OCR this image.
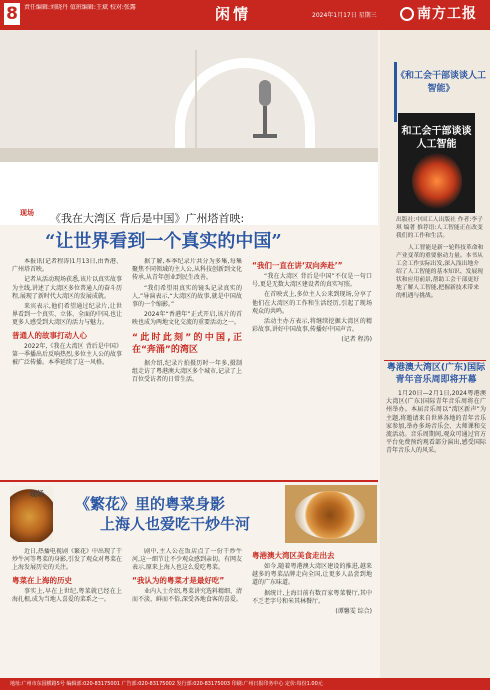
8	责任编辑:刘晓丹 值班编辑:王斌 校对:张露	闲情	2024年1月17日 星期三	南方工报
现场 《我在大湾区 背后是中国》广州塔首映:
“让世界看到一个真实的中国”

本报讯(记者程涛)1月13日,由香港、广州塔首映。

记者从活动现场获悉,该片以真实故事为主线,讲述了大湾区多位普通人的奋斗历程,展现了新时代大湾区的发展成就。

来宾表示,他们希望通过纪录片,让世界看到一个真实、立体、全面的中国,也让更多人感受到大湾区的活力与魅力。

普通人的故事打动人心

2022年,《我在大湾区 背后是中国》第一季播出后反响热烈,多位主人公的故事被广泛传播。本季延续了这一风格。

据了解,本季纪录片共分为多集,每集聚焦不同领域的主人公,从科技创新到文化传承,从青年创业到民生改善。

“我们希望用真实的镜头记录真实的人,”导演表示,“大湾区的故事,就是中国故事的一个缩影。”

2024年“香港年”正式开启,该片的首映也成为两地文化交流的重要活动之一。

“此时此刻”的中国,正在“奔涌”的湾区

据介绍,纪录片拍摄历时一年多,摄制组走访了粤港澳大湾区多个城市,记录了上百位受访者的日常生活。

“我们一直在讲‘双向奔赴’”

“我在大湾区 背后是中国”不仅是一句口号,更是无数大湾区建设者的真实写照。

在首映式上,多位主人公来到现场,分享了他们在大湾区的工作和生活经历,引起了现场观众的共鸣。

活动主办方表示,将继续挖掘大湾区的精彩故事,讲好中国故事,传播好中国声音。

(记者 程涛)

现场
《繁花》里的粤菜身影
上海人也爱吃干炒牛河

近日,热播电视剧《繁花》中出现了干炒牛河等粤菜的身影,引发了观众对粤菜在上海发展历史的关注。

粤菜在上海的历史

事实上,早在上世纪,粤菜就已经在上海扎根,成为当地人喜爱的菜系之一。

剧中,主人公在饭店点了一份干炒牛河,这一细节让不少观众感到亲切。有网友表示,原来上海人也这么爱吃粤菜。

“我认为的粤菜才是最好吃”

业内人士介绍,粤菜讲究选料精细、清而不淡、鲜而不俗,深受各地食客的喜爱。

粤港澳大湾区美食走出去

如今,随着粤港澳大湾区建设的推进,越来越多的粤菜品牌走向全国,让更多人品尝到地道的广东味道。

据统计,上海目前有数百家粤菜餐厅,其中不乏老字号和米其林餐厅。

(谭馨雯 综合)

《和工会干部谈谈人工智能》
和工会干部谈谈人工智能
出版社:中国工人出版社 作者:李子琪 编著 推荐语:人工智能正在改变我们的工作和生活。
人工智能是新一轮科技革命和产业变革的重要驱动力量。本书从工会工作实际出发,深入浅出地介绍了人工智能的基本知识、发展现状和应用前景,帮助工会干部更好地了解人工智能,把握新技术带来的机遇与挑战。
粤港澳大湾区(广东)国际青年音乐周即将开幕

1月20日—2月1日,2024粤港澳大湾区(广东)国际青年音乐周将在广州举办。本届音乐周以“湾区新声”为主题,将邀请来自世界各地的青年音乐家参加,举办多场音乐会、大师课和交流活动。音乐周期间,观众可通过官方平台免费预约观看部分演出,感受国际青年音乐人的风采。

地址:广州市东园横路5号 编辑部:020-83175001 广告部:020-83175002 发行部:020-83175003 印刷:广州日报印务中心 定价:每份1.00元
